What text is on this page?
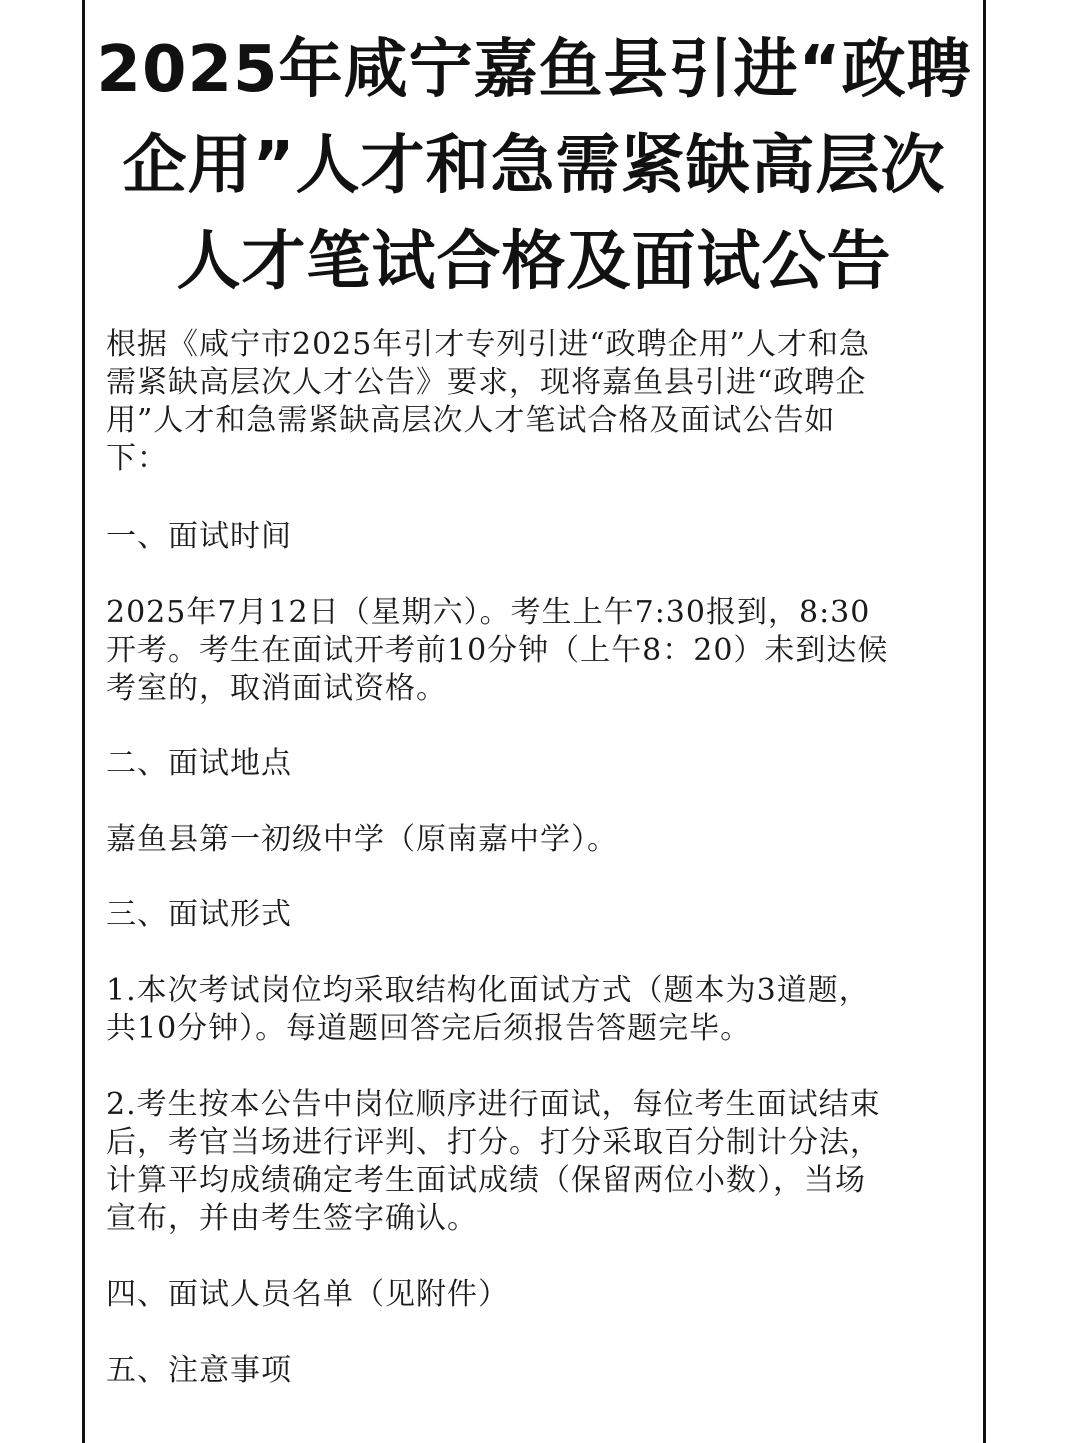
2025年咸宁嘉鱼县引进“政聘
企用”人才和急需紧缺高层次
人才笔试合格及面试公告

根据《咸宁市2025年引才专列引进“政聘企用”人才和急
需紧缺高层次人才公告》要求，现将嘉鱼县引进“政聘企
用”人才和急需紧缺高层次人才笔试合格及面试公告如
下：

一、面试时间

2025年7月12日（星期六）。考生上午7:30报到，8:30
开考。考生在面试开考前10分钟（上午8：20）未到达候
考室的，取消面试资格。

二、面试地点

嘉鱼县第一初级中学（原南嘉中学）。

三、面试形式

1.本次考试岗位均采取结构化面试方式（题本为3道题，
共10分钟）。每道题回答完后须报告答题完毕。

2.考生按本公告中岗位顺序进行面试，每位考生面试结束
后，考官当场进行评判、打分。打分采取百分制计分法，
计算平均成绩确定考生面试成绩（保留两位小数），当场
宣布，并由考生签字确认。

四、面试人员名单（见附件）

五、注意事项
